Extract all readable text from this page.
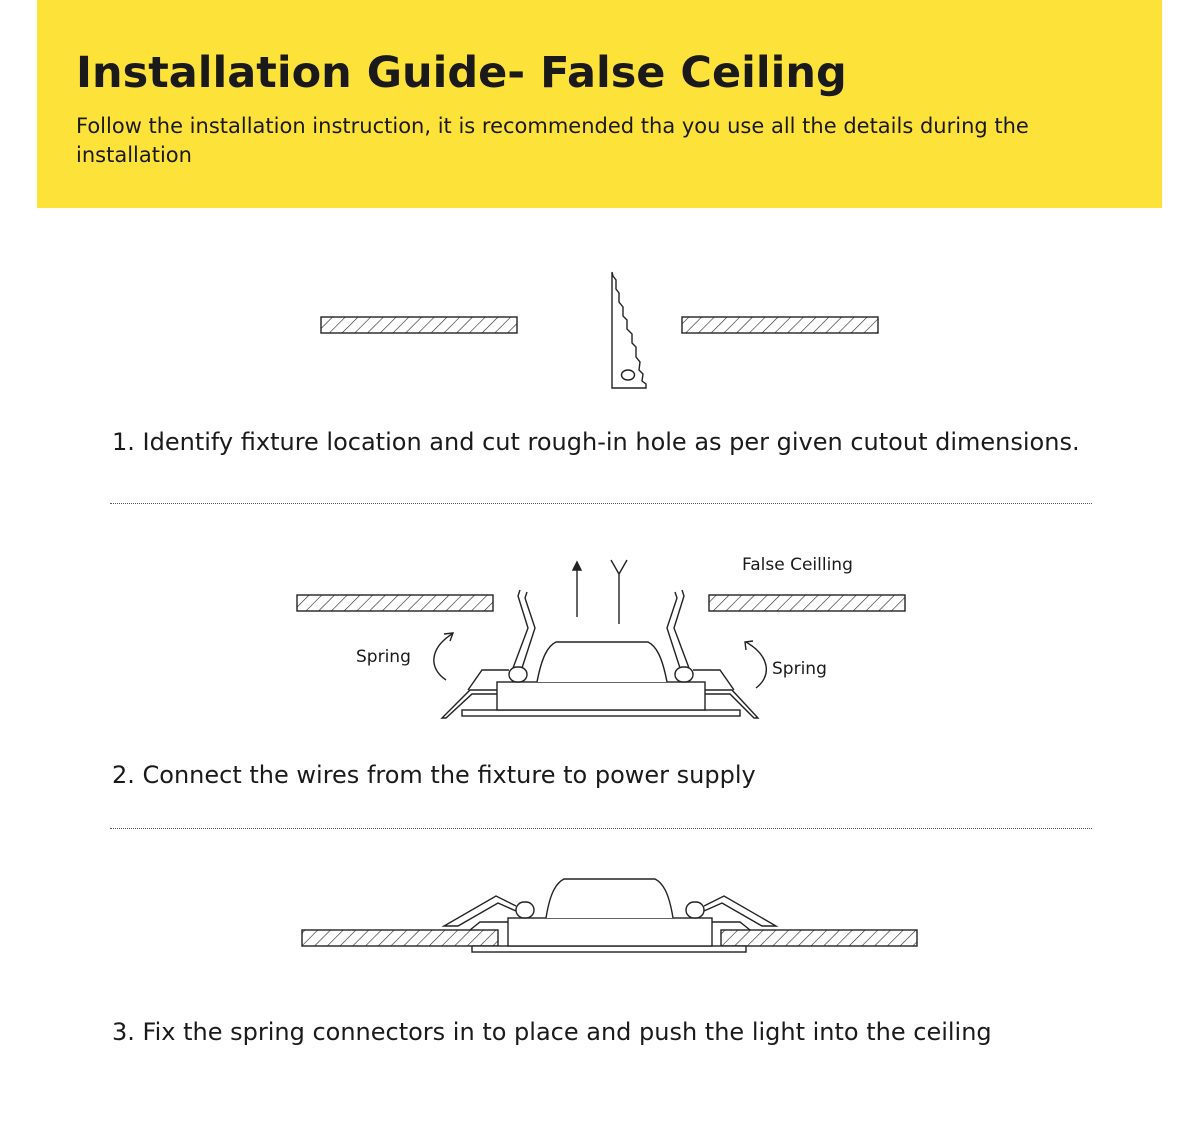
Installation Guide- False Ceiling

Follow the installation instruction, it is recommended tha you use all the details during the installation

1. Identify fixture location and cut rough-in hole as per given cutout dimensions.

False Ceilling
Spring
Spring

2. Connect the wires from the fixture to power supply

3. Fix the spring connectors in to place and push the light into the ceiling
